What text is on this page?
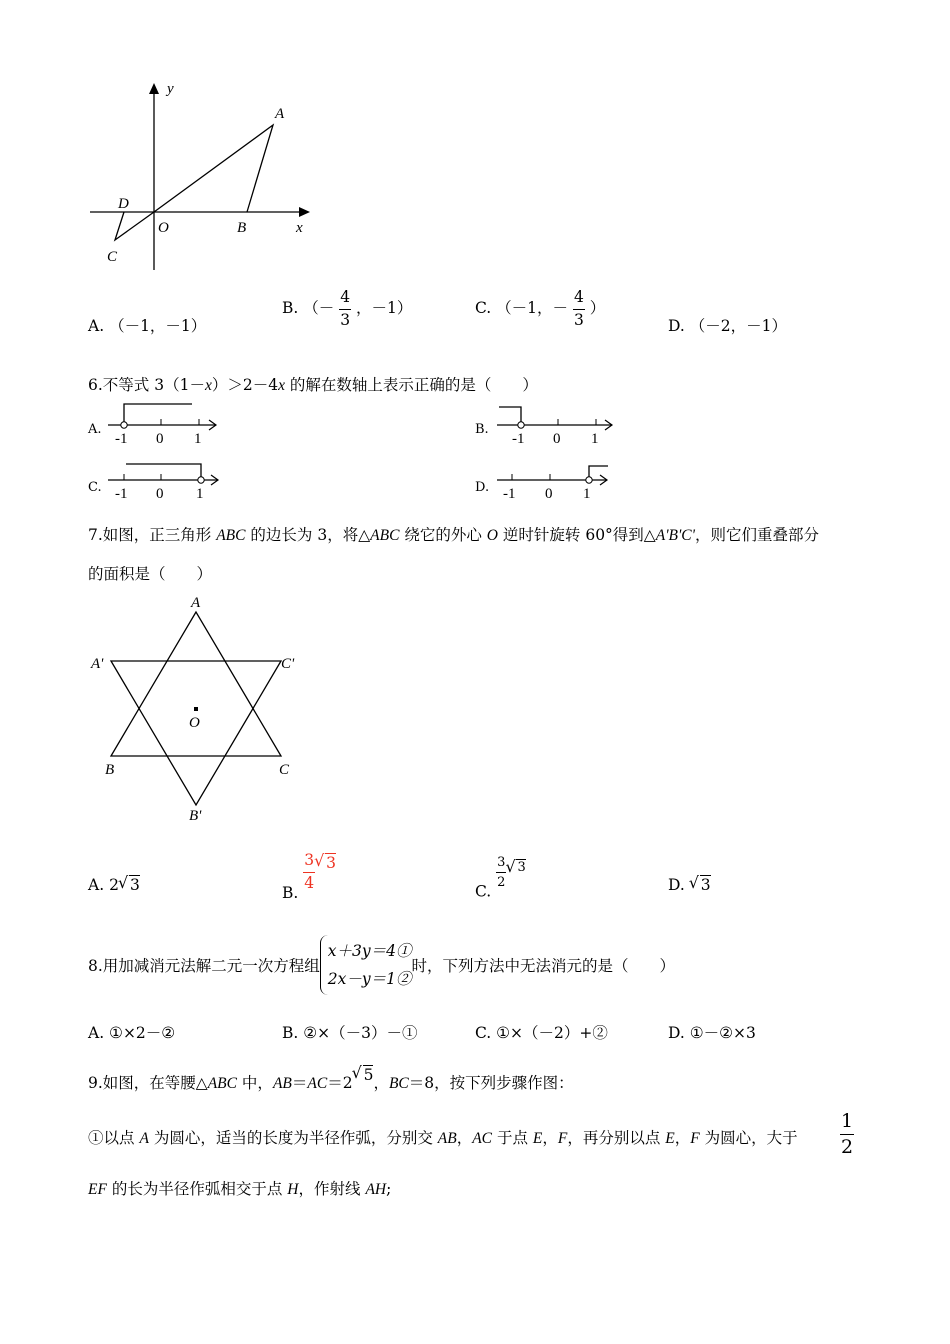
y
A
D
O	B	x
C
A. （－1，－1）
B. （－ $\frac{4}{3}$ ，－1）	C. （－1，－ $\frac{4}{3}$ ）
D. （－2，－1）
6.不等式 3（1－x）＞2－4x 的解在数轴上表示正确的是（　　）
A.
-1 0 1
B.
-1 0 1
C. -1 0 1	D. -1 0 1
7.如图，正三角形 ABC 的边长为 3，将△ABC 绕它的外心 O 逆时针旋转 60°得到△A'B'C'，则它们重叠部分
的面积是（　　）
A
A'	C'
O
B	C
B'
A. 2 √ 3	B.
$\frac{3}{4}$ √ 3
C.
$\frac{3}{2}$ √ 3
D. √ 3
8.用加减消元法解二元一次方程组x＋3y＝4①
2x－y＝1②时，下列方法中无法消元的是（　　）
A. ①×2－②	B. ②×（－3）－①	C. ①×（－2）+②	D. ①－②×3
9.如图，在等腰△ABC 中，AB＝AC＝2 √ 5，BC＝8，按下列步骤作图：
①以点 A 为圆心，适当的长度为半径作弧，分别交 AB，AC 于点 E，F，再分别以点 E，F 为圆心，大于 $\frac{1}{2}$
EF 的长为半径作弧相交于点 H，作射线 AH;
